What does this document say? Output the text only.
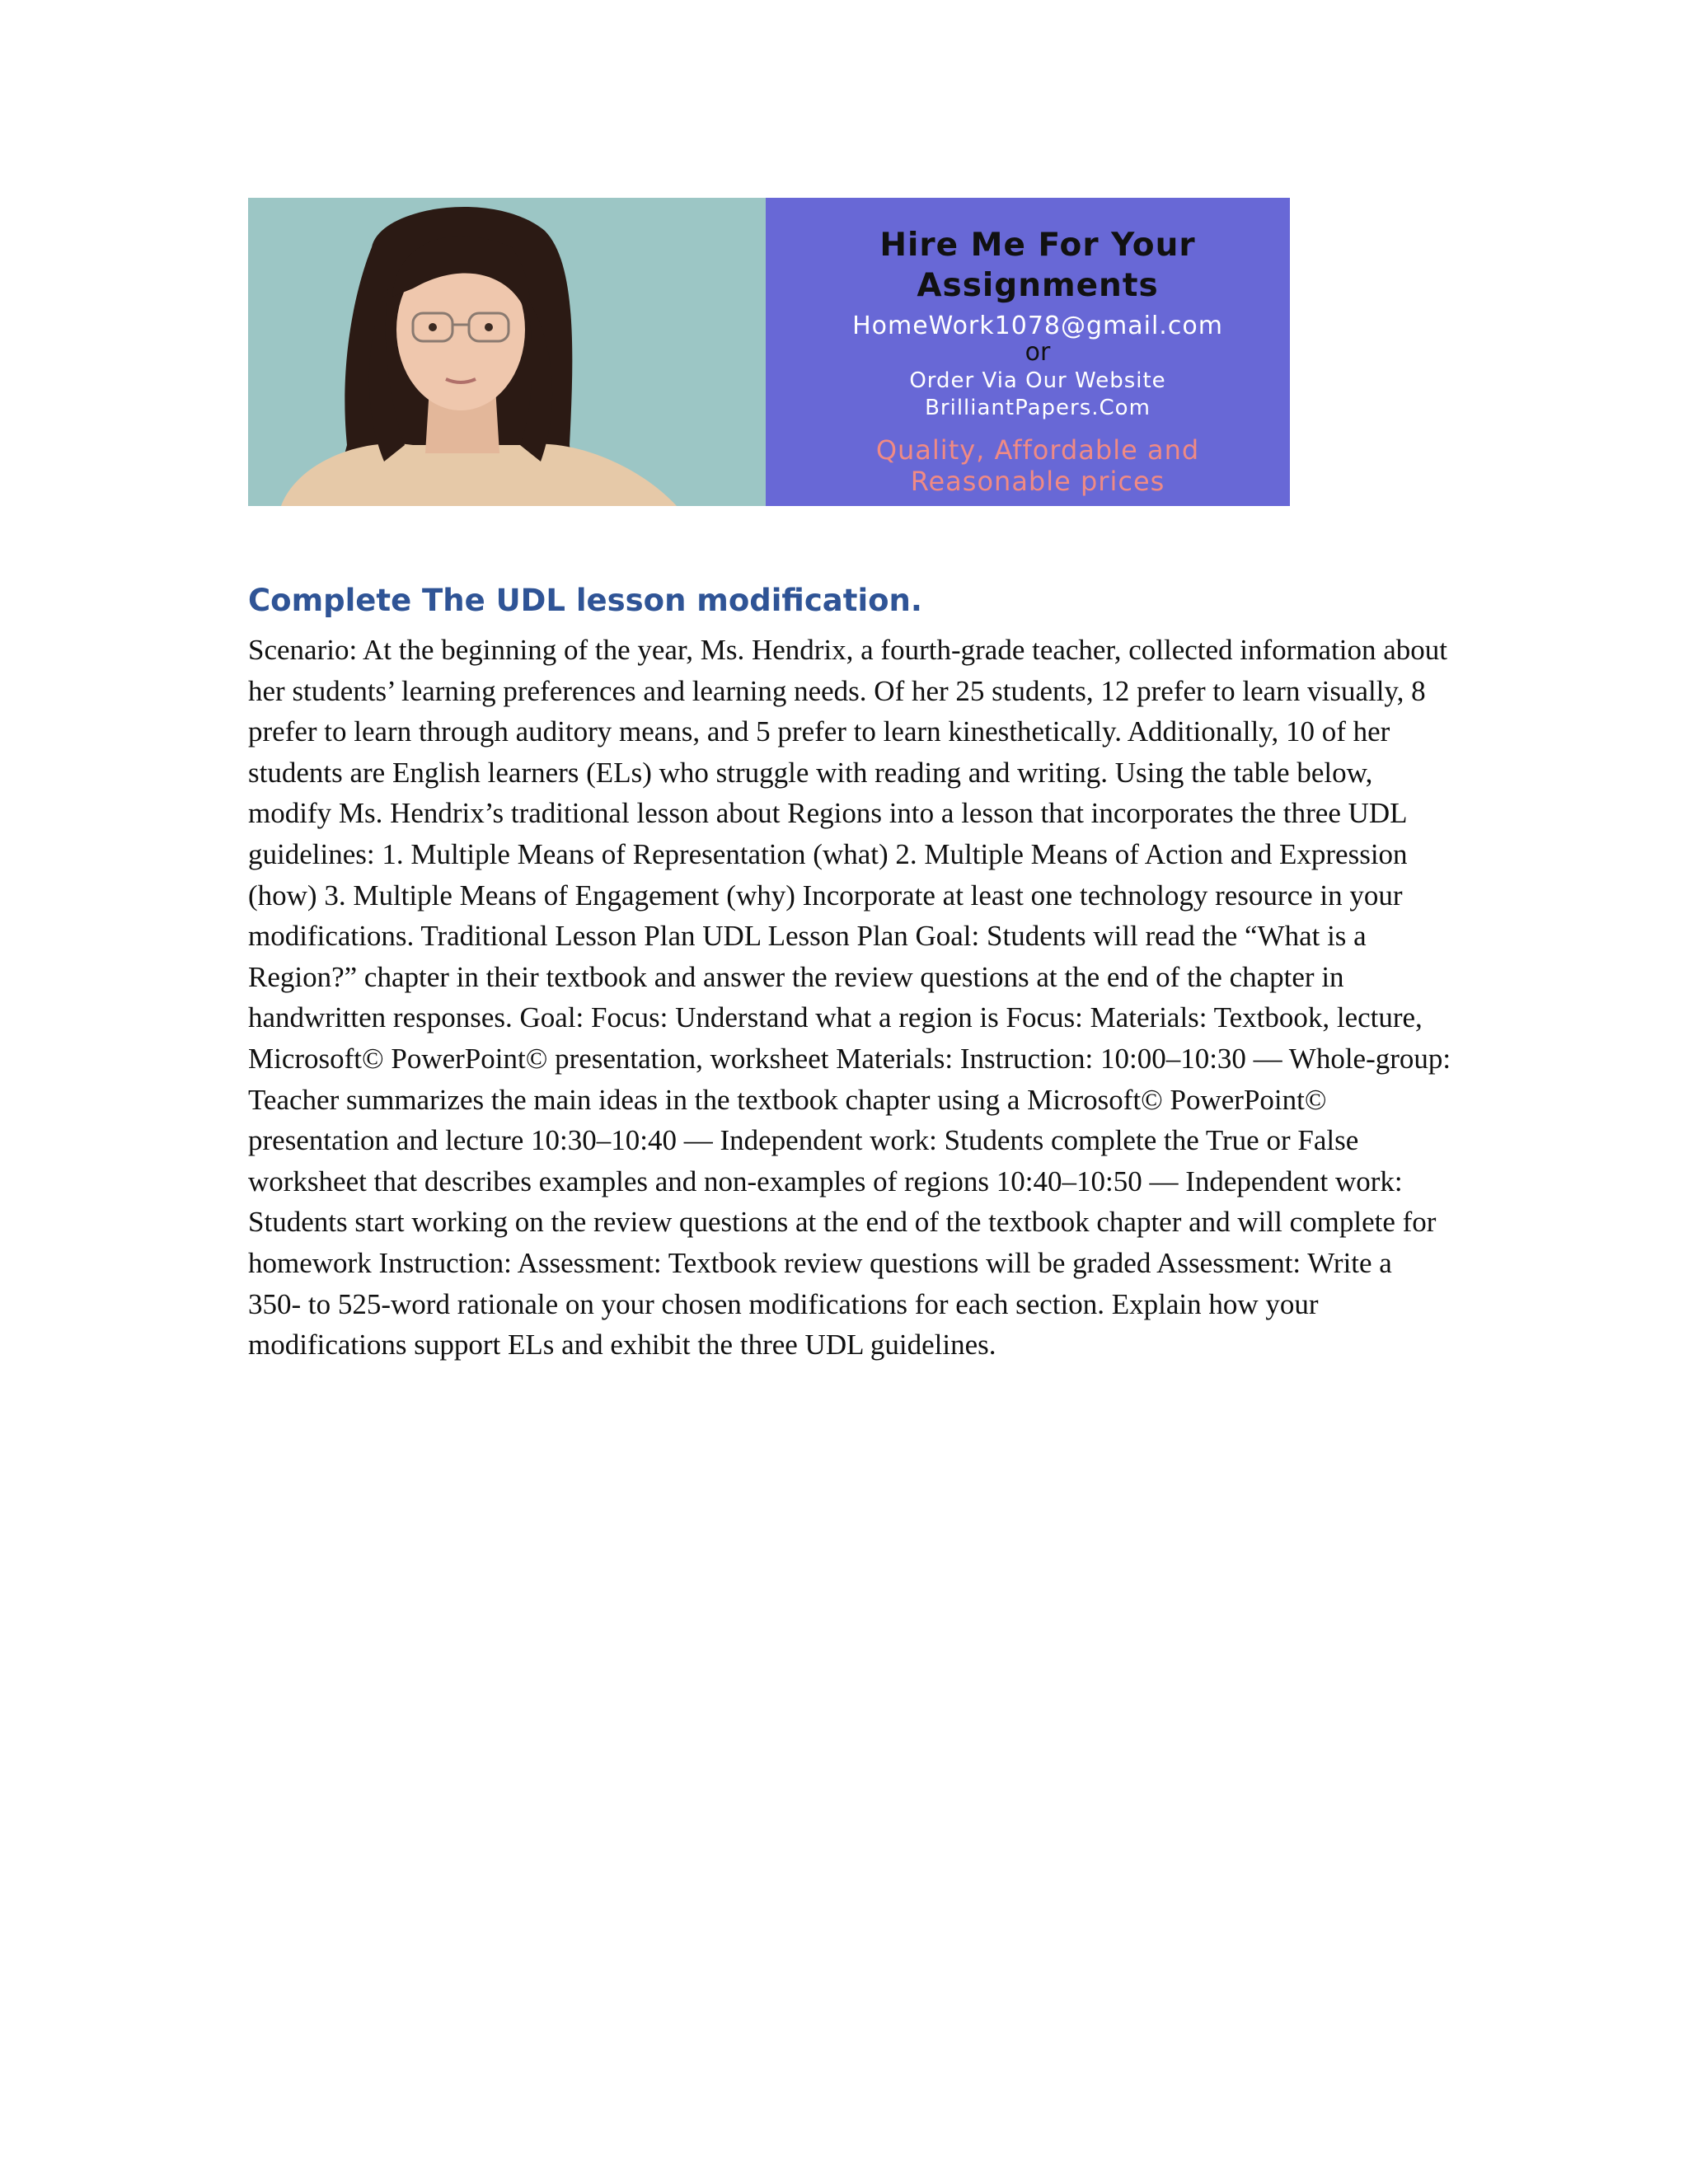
Hire Me For Your
Assignments
HomeWork1078@gmail.com
or
Order Via Our Website
BrilliantPapers.Com
Quality, Affordable and
Reasonable prices
Complete The UDL lesson modification.

Scenario: At the beginning of the year, Ms. Hendrix, a fourth-grade teacher, collected information about her students’ learning preferences and learning needs. Of her 25 students, 12 prefer to learn visually, 8 prefer to learn through auditory means, and 5 prefer to learn kinesthetically. Additionally, 10 of her students are English learners (ELs) who struggle with reading and writing. Using the table below, modify Ms. Hendrix’s traditional lesson about Regions into a lesson that incorporates the three UDL guidelines: 1. Multiple Means of Representation (what) 2. Multiple Means of Action and Expression (how) 3. Multiple Means of Engagement (why) Incorporate at least one technology resource in your modifications. Traditional Lesson Plan UDL Lesson Plan Goal: Students will read the “What is a Region?” chapter in their textbook and answer the review questions at the end of the chapter in handwritten responses. Goal: Focus: Understand what a region is Focus: Materials: Textbook, lecture, Microsoft© PowerPoint© presentation, worksheet Materials: Instruction: 10:00–10:30 — Whole-group: Teacher summarizes the main ideas in the textbook chapter using a Microsoft© PowerPoint© presentation and lecture 10:30–10:40 — Independent work: Students complete the True or False worksheet that describes examples and non-examples of regions 10:40–10:50 — Independent work: Students start working on the review questions at the end of the textbook chapter and will complete for homework Instruction: Assessment: Textbook review questions will be graded Assessment: Write a 350- to 525-word rationale on your chosen modifications for each section. Explain how your modifications support ELs and exhibit the three UDL guidelines.
